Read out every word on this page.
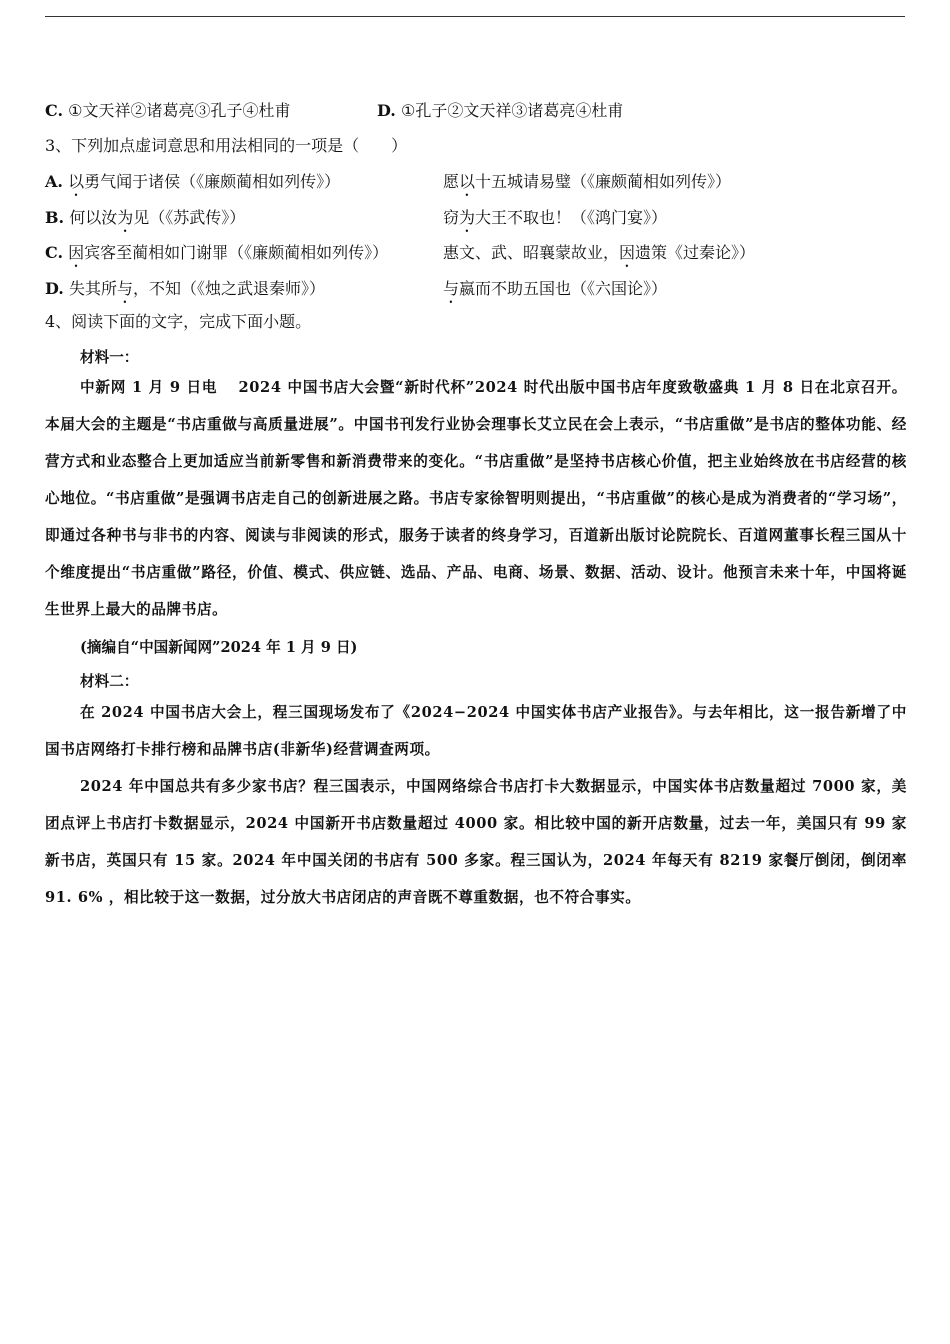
C. ①文天祥②诸葛亮③孔子④杜甫	D. ①孔子②文天祥③诸葛亮④杜甫
3、下列加点虚词意思和用法相同的一项是（　　）
A. 以勇气闻于诸侯（《廉颇蔺相如列传》）	愿以十五城请易璧（《廉颇蔺相如列传》）
B. 何以汝为见（《苏武传》）	窃为大王不取也！（《鸿门宴》）
C. 因宾客至蔺相如门谢罪（《廉颇蔺相如列传》）	惠文、武、昭襄蒙故业，因遗策《过秦论》）
D. 失其所与，不知（《烛之武退秦师》）	与嬴而不助五国也（《六国论》）
4、阅读下面的文字，完成下面小题。
材料一：

中新网 1 月 9 日电　 2024 中国书店大会暨“新时代杯”2024 时代出版中国书店年度致敬盛典 1 月 8 日在北京召开。本届大会的主题是“书店重做与高质量进展”。中国书刊发行业协会理事长艾立民在会上表示，“书店重做”是书店的整体功能、经营方式和业态整合上更加适应当前新零售和新消费带来的变化。“书店重做”是坚持书店核心价值，把主业始终放在书店经营的核心地位。“书店重做”是强调书店走自己的创新进展之路。书店专家徐智明则提出，“书店重做”的核心是成为消费者的“学习场”，即通过各种书与非书的内容、阅读与非阅读的形式，服务于读者的终身学习，百道新出版讨论院院长、百道网董事长程三国从十个维度提出“书店重做”路径，价值、模式、供应链、选品、产品、电商、场景、数据、活动、设计。他预言未来十年，中国将诞生世界上最大的品牌书店。

(摘编自“中国新闻网”2024 年 1 月 9 日)
材料二：

在 2024 中国书店大会上，程三国现场发布了《2024−2024 中国实体书店产业报告》。与去年相比，这一报告新增了中国书店网络打卡排行榜和品牌书店(非新华)经营调查两项。

2024 年中国总共有多少家书店？程三国表示，中国网络综合书店打卡大数据显示，中国实体书店数量超过 7000 家，美团点评上书店打卡数据显示，2024 中国新开书店数量超过 4000 家。相比较中国的新开店数量，过去一年，美国只有 99 家新书店，英国只有 15 家。2024 年中国关闭的书店有 500 多家。程三国认为，2024 年每天有 8219 家餐厅倒闭，倒闭率 91. 6% ，相比较于这一数据，过分放大书店闭店的声音既不尊重数据，也不符合事实。
